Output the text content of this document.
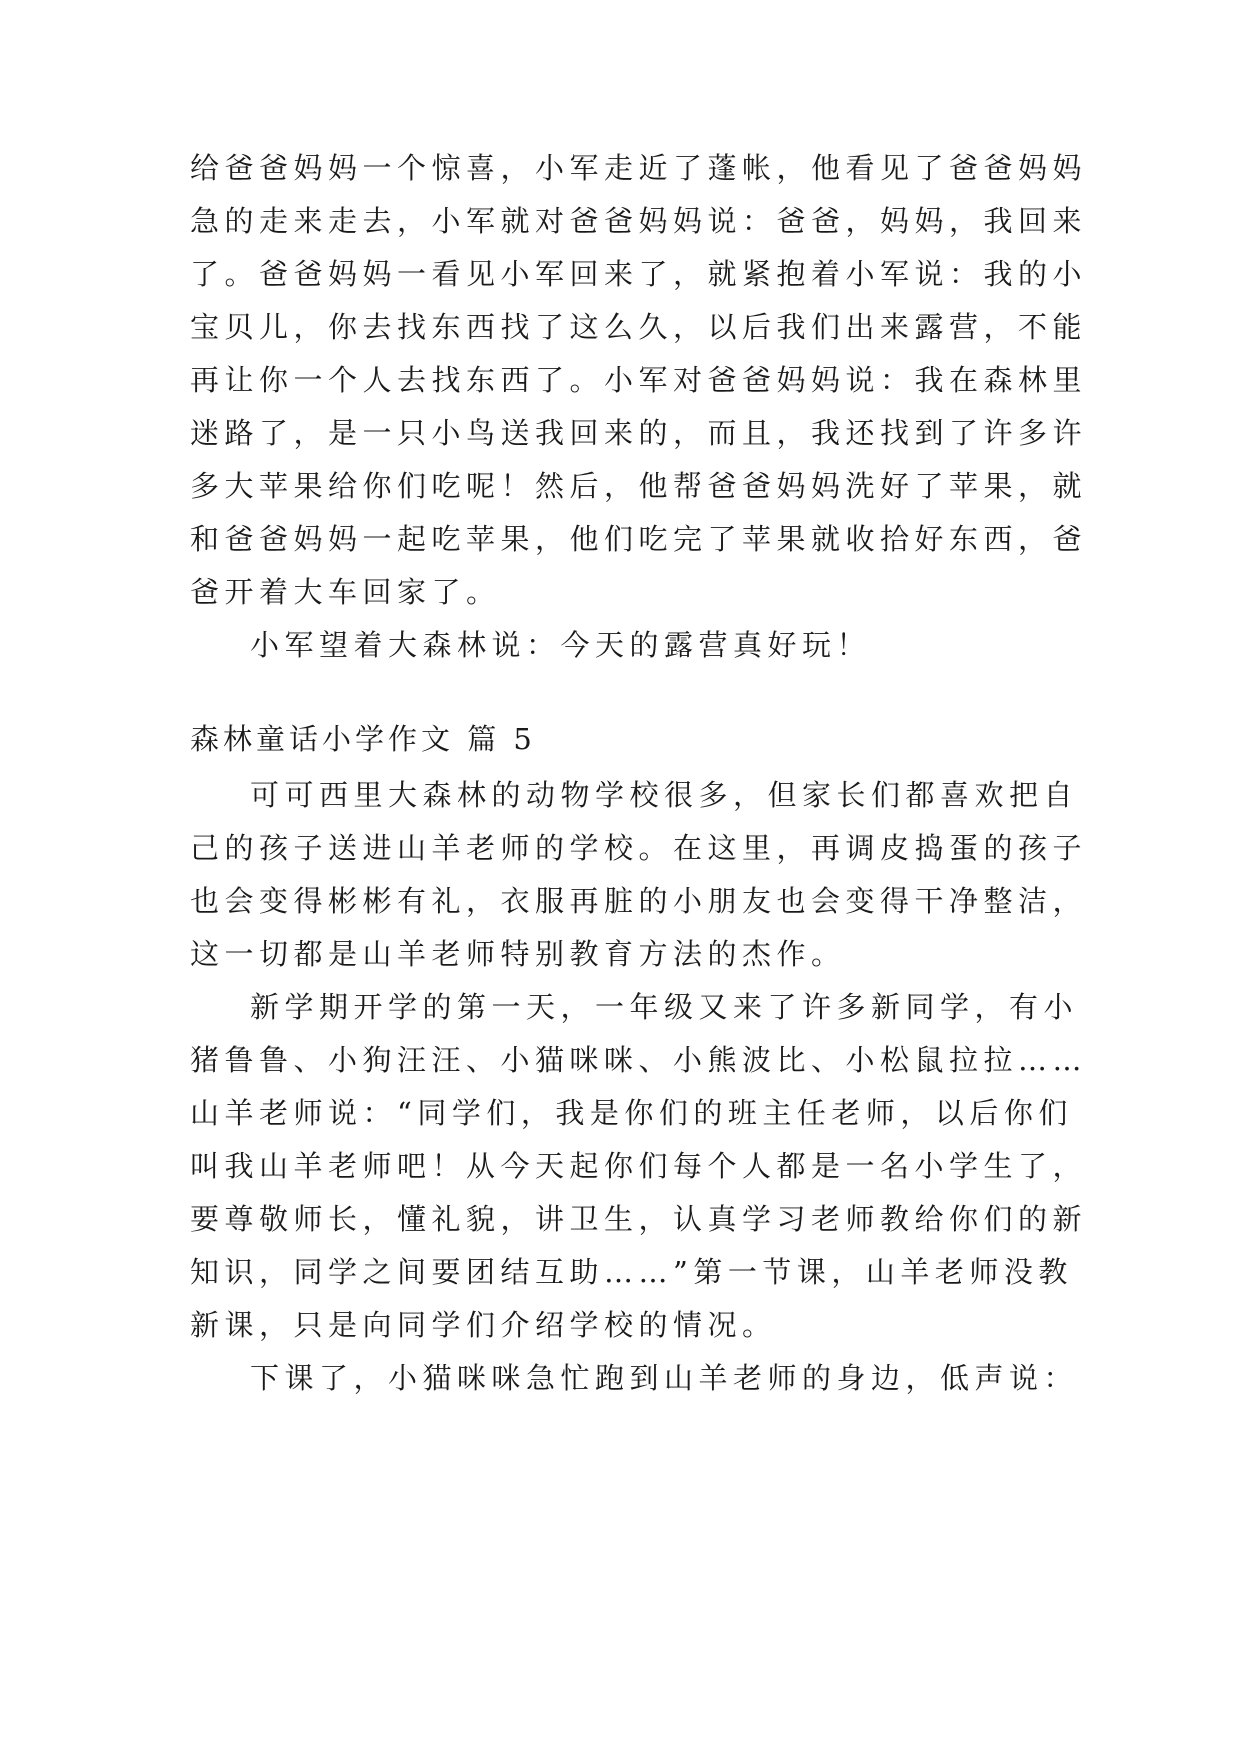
给爸爸妈妈一个惊喜，小军走近了蓬帐，他看见了爸爸妈妈
急的走来走去，小军就对爸爸妈妈说：爸爸，妈妈，我回来
了。爸爸妈妈一看见小军回来了，就紧抱着小军说：我的小
宝贝儿，你去找东西找了这么久，以后我们出来露营，不能
再让你一个人去找东西了。小军对爸爸妈妈说：我在森林里
迷路了，是一只小鸟送我回来的，而且，我还找到了许多许
多大苹果给你们吃呢！然后，他帮爸爸妈妈洗好了苹果，就
和爸爸妈妈一起吃苹果，他们吃完了苹果就收拾好东西，爸
爸开着大车回家了。
小军望着大森林说：今天的露营真好玩！
森林童话小学作文 篇 5
可可西里大森林的动物学校很多，但家长们都喜欢把自
己的孩子送进山羊老师的学校。在这里，再调皮捣蛋的孩子
也会变得彬彬有礼，衣服再脏的小朋友也会变得干净整洁，
这一切都是山羊老师特别教育方法的杰作。
新学期开学的第一天，一年级又来了许多新同学，有小
猪鲁鲁、小狗汪汪、小猫咪咪、小熊波比、小松鼠拉拉……
山羊老师说：“同学们，我是你们的班主任老师，以后你们
叫我山羊老师吧！从今天起你们每个人都是一名小学生了，
要尊敬师长，懂礼貌，讲卫生，认真学习老师教给你们的新
知识，同学之间要团结互助……”第一节课，山羊老师没教
新课，只是向同学们介绍学校的情况。
下课了，小猫咪咪急忙跑到山羊老师的身边，低声说：
